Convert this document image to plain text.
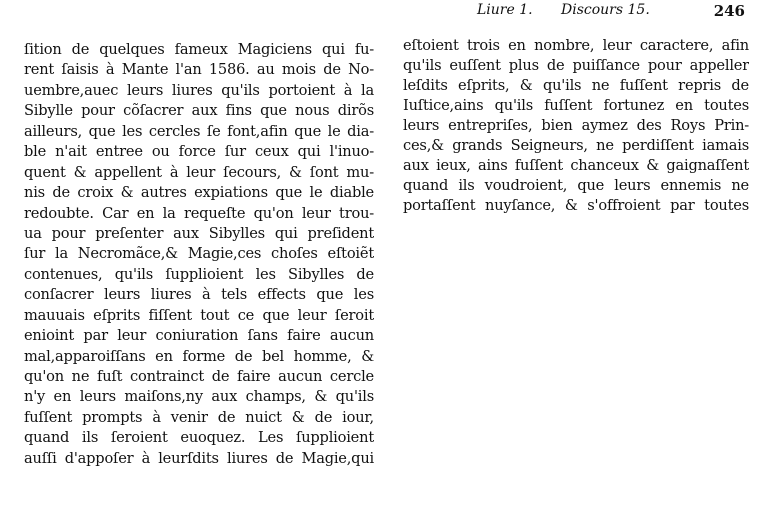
Liure 1. Discours 15.	246
ſition de quelques fameux Magiciens qui fu-
rent ſaisis à Mante l'an 1586. au mois de No-
uembre,auec leurs liures qu'ils portoient à la
Sibylle pour cõſacrer aux fins que nous dirõs
ailleurs, que les cercles ſe font,afin que le dia-
ble n'ait entree ou force ſur ceux qui l'inuo-
quent & appellent à leur ſecours, & ſont mu-
nis de croix & autres expiations que le diable
redoubte. Car en la requeſte qu'on leur trou-
ua pour preſenter aux Sibylles qui preſident
ſur la Necromãce,& Magie,ces choſes eſtoiẽt
contenues, qu'ils ſupplioient les Sibylles de
conſacrer leurs liures à tels effects que les
mauuais eſprits fiſſent tout ce que leur ſeroit
enioint par leur coniuration ſans faire aucun
mal,apparoiſſans en forme de bel homme, &
qu'on ne fuſt contrainct de faire aucun cercle
n'y en leurs maiſons,ny aux champs, & qu'ils
fuſſent prompts à venir de nuict & de iour,
quand ils ſeroient euoquez. Les ſupplioient
auſſi d'appoſer à leurſdits liures de Magie,qui
eſtoient trois en nombre, leur caractere, afin
qu'ils euſſent plus de puiſſance pour appeller
leſdits eſprits, & qu'ils ne fuſſent repris de
Iuſtice,ains qu'ils fuſſent fortunez en toutes
leurs entrepriſes, bien aymez des Roys Prin-
ces,& grands Seigneurs, ne perdiſſent iamais
aux ieux, ains fuſſent chanceux & gaignaſſent
quand ils voudroient, que leurs ennemis ne
portaſſent nuyſance, & s'offroient par toutes
